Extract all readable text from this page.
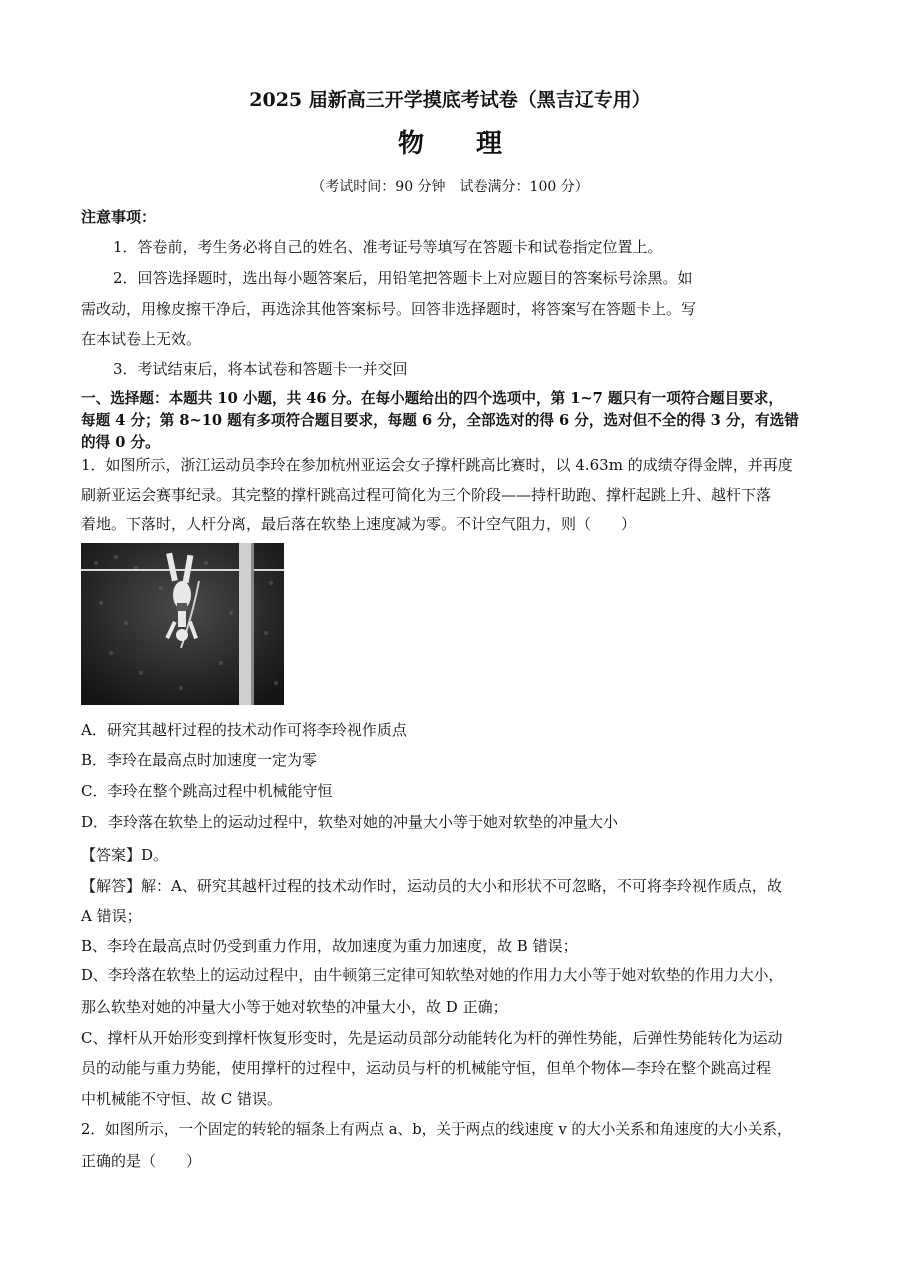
2025 届新高三开学摸底考试卷（黑吉辽专用）
物理
（考试时间：90 分钟　试卷满分：100 分）
注意事项：
1．答卷前，考生务必将自己的姓名、准考证号等填写在答题卡和试卷指定位置上。
2．回答选择题时，选出每小题答案后，用铅笔把答题卡上对应题目的答案标号涂黑。如
需改动，用橡皮擦干净后，再选涂其他答案标号。回答非选择题时，将答案写在答题卡上。写
在本试卷上无效。
3．考试结束后，将本试卷和答题卡一并交回
一、选择题：本题共 10 小题，共 46 分。在每小题给出的四个选项中，第 1~7 题只有一项符合题目要求，
每题 4 分；第 8~10 题有多项符合题目要求，每题 6 分，全部选对的得 6 分，选对但不全的得 3 分，有选错
的得 0 分。
1．如图所示，浙江运动员李玲在参加杭州亚运会女子撑杆跳高比赛时，以 4.63m 的成绩夺得金牌，并再度
刷新亚运会赛事纪录。其完整的撑杆跳高过程可简化为三个阶段——持杆助跑、撑杆起跳上升、越杆下落
着地。下落时，人杆分离，最后落在软垫上速度减为零。不计空气阻力，则（　　）
A．研究其越杆过程的技术动作可将李玲视作质点
B．李玲在最高点时加速度一定为零
C．李玲在整个跳高过程中机械能守恒
D．李玲落在软垫上的运动过程中，软垫对她的冲量大小等于她对软垫的冲量大小
【答案】D。
【解答】解：A、研究其越杆过程的技术动作时，运动员的大小和形状不可忽略，不可将李玲视作质点，故
A 错误；
B、李玲在最高点时仍受到重力作用，故加速度为重力加速度，故 B 错误；
D、李玲落在软垫上的运动过程中，由牛顿第三定律可知软垫对她的作用力大小等于她对软垫的作用力大小，
那么软垫对她的冲量大小等于她对软垫的冲量大小，故 D 正确；
C、撑杆从开始形变到撑杆恢复形变时，先是运动员部分动能转化为杆的弹性势能，后弹性势能转化为运动
员的动能与重力势能，使用撑杆的过程中，运动员与杆的机械能守恒，但单个物体—李玲在整个跳高过程
中机械能不守恒、故 C 错误。
2．如图所示，一个固定的转轮的辐条上有两点 a、b，关于两点的线速度 v 的大小关系和角速度的大小关系，
正确的是（　　）
